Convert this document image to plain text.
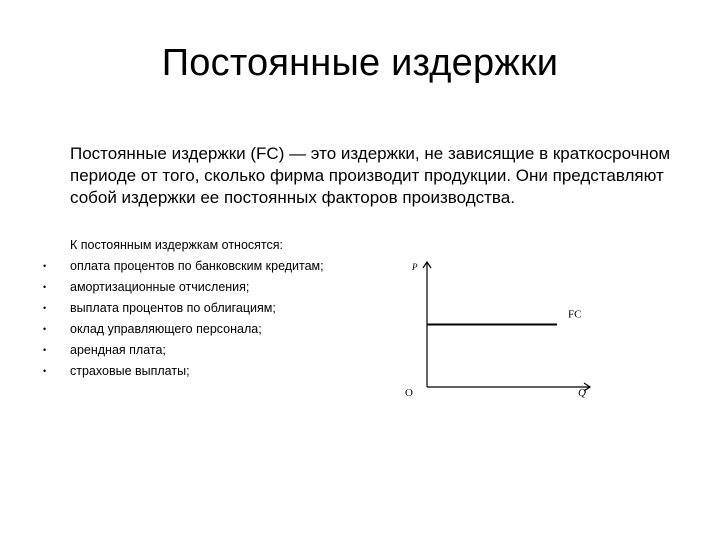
Постоянные издержки

Постоянные издержки (FC) — это издержки, не зависящие в краткосрочном периоде от того, сколько фирма производит продукции. Они представляют собой издержки ее постоянных факторов производства.

К постоянным издержкам относятся:

• оплата процентов по банковским кредитам;
• амортизационные отчисления;
• выплата процентов по облигациям;
• оклад управляющего персонала;
• арендная плата;
• страховые выплаты;
P
Q
O
FC
